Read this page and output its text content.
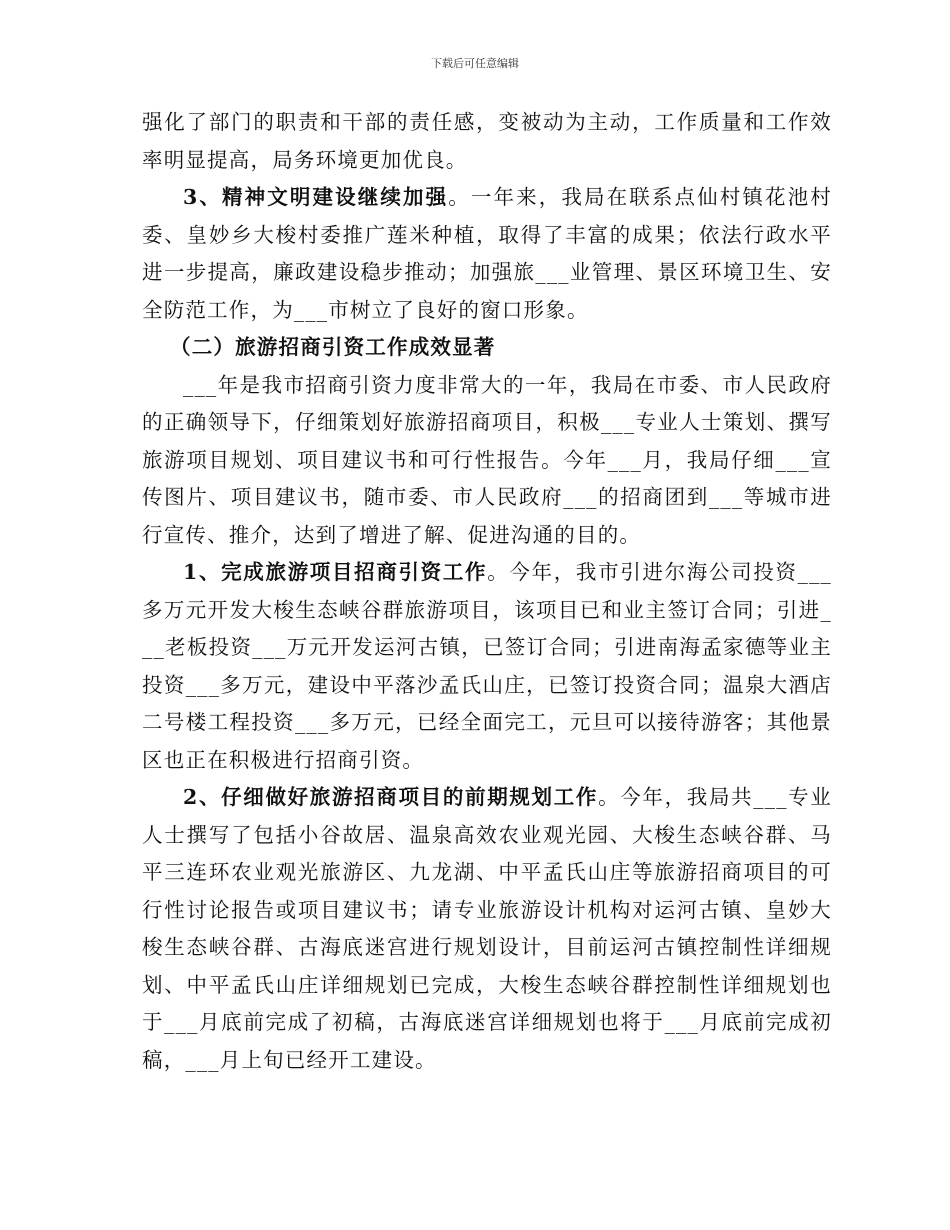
下载后可任意编辑

强化了部门的职责和干部的责任感，变被动为主动，工作质量和工作效率明显提高，局务环境更加优良。

3、精神文明建设继续加强。一年来，我局在联系点仙村镇花池村委、皇妙乡大梭村委推广莲米种植，取得了丰富的成果；依法行政水平进一步提高，廉政建设稳步推动；加强旅___业管理、景区环境卫生、安全防范工作，为___市树立了良好的窗口形象。

（二）旅游招商引资工作成效显著

___年是我市招商引资力度非常大的一年，我局在市委、市人民政府的正确领导下，仔细策划好旅游招商项目，积极___专业人士策划、撰写旅游项目规划、项目建议书和可行性报告。今年___月，我局仔细___宣传图片、项目建议书，随市委、市人民政府___的招商团到___等城市进行宣传、推介，达到了增进了解、促进沟通的目的。

1、完成旅游项目招商引资工作。今年，我市引进尔海公司投资___多万元开发大梭生态峡谷群旅游项目，该项目已和业主签订合同；引进___老板投资___万元开发运河古镇，已签订合同；引进南海孟家德等业主投资___多万元，建设中平落沙孟氏山庄，已签订投资合同；温泉大酒店二号楼工程投资___多万元，已经全面完工，元旦可以接待游客；其他景区也正在积极进行招商引资。

2、仔细做好旅游招商项目的前期规划工作。今年，我局共___专业人士撰写了包括小谷故居、温泉高效农业观光园、大梭生态峡谷群、马平三连环农业观光旅游区、九龙湖、中平孟氏山庄等旅游招商项目的可行性讨论报告或项目建议书；请专业旅游设计机构对运河古镇、皇妙大梭生态峡谷群、古海底迷宫进行规划设计，目前运河古镇控制性详细规划、中平孟氏山庄详细规划已完成，大梭生态峡谷群控制性详细规划也于___月底前完成了初稿，古海底迷宫详细规划也将于___月底前完成初稿，___月上旬已经开工建设。
